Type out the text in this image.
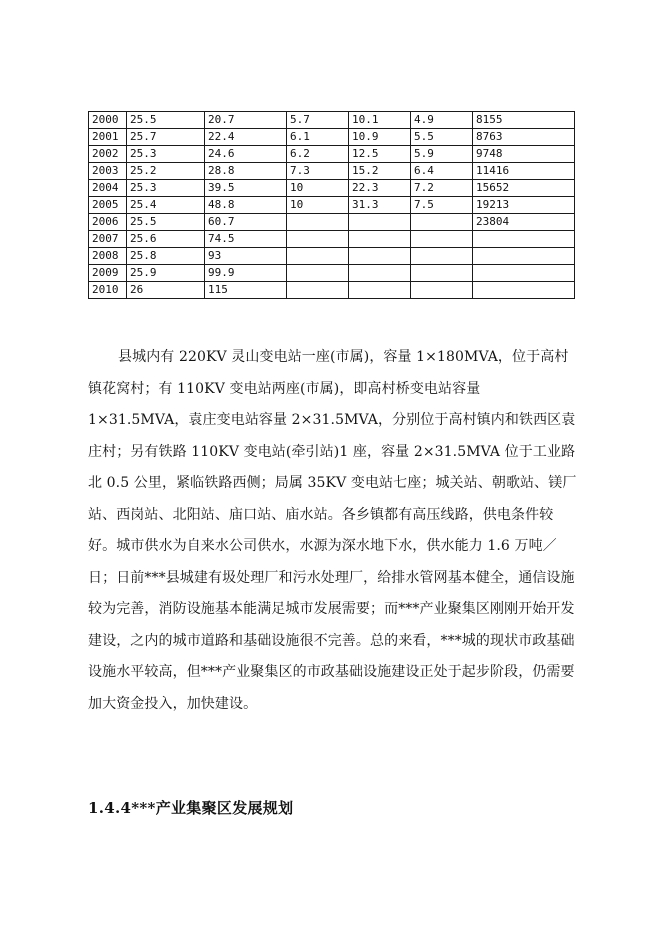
2000	25.5	20.7	5.7	10.1	4.9	8155
2001	25.7	22.4	6.1	10.9	5.5	8763
2002	25.3	24.6	6.2	12.5	5.9	9748
2003	25.2	28.8	7.3	15.2	6.4	11416
2004	25.3	39.5	10	22.3	7.2	15652
2005	25.4	48.8	10	31.3	7.5	19213
2006	25.5	60.7				23804
2007	25.6	74.5				
2008	25.8	93				
2009	25.9	99.9				
2010	26	115				

县城内有 220KV 灵山变电站一座(市属)，容量 1×180MVA，位于高村镇花窝村；有 110KV 变电站两座(市属)，即高村桥变电站容量 1×31.5MVA，袁庄变电站容量 2×31.5MVA，分别位于高村镇内和铁西区袁庄村；另有铁路 110KV 变电站(牵引站)1 座，容量 2×31.5MVA 位于工业路北 0.5 公里，紧临铁路西侧；局属 35KV 变电站七座；城关站、朝歌站、镁厂站、西岗站、北阳站、庙口站、庙水站。各乡镇都有高压线路，供电条件较好。城市供水为自来水公司供水，水源为深水地下水，供水能力 1.6 万吨／日；日前***县城建有圾处理厂和污水处理厂，给排水管网基本健全，通信设施较为完善，消防设施基本能满足城市发展需要；而***产业聚集区刚刚开始开发建设，之内的城市道路和基础设施很不完善。总的来看，***城的现状市政基础设施水平较高，但***产业聚集区的市政基础设施建设正处于起步阶段，仍需要加大资金投入，加快建设。

1.4.4***产业集聚区发展规划
